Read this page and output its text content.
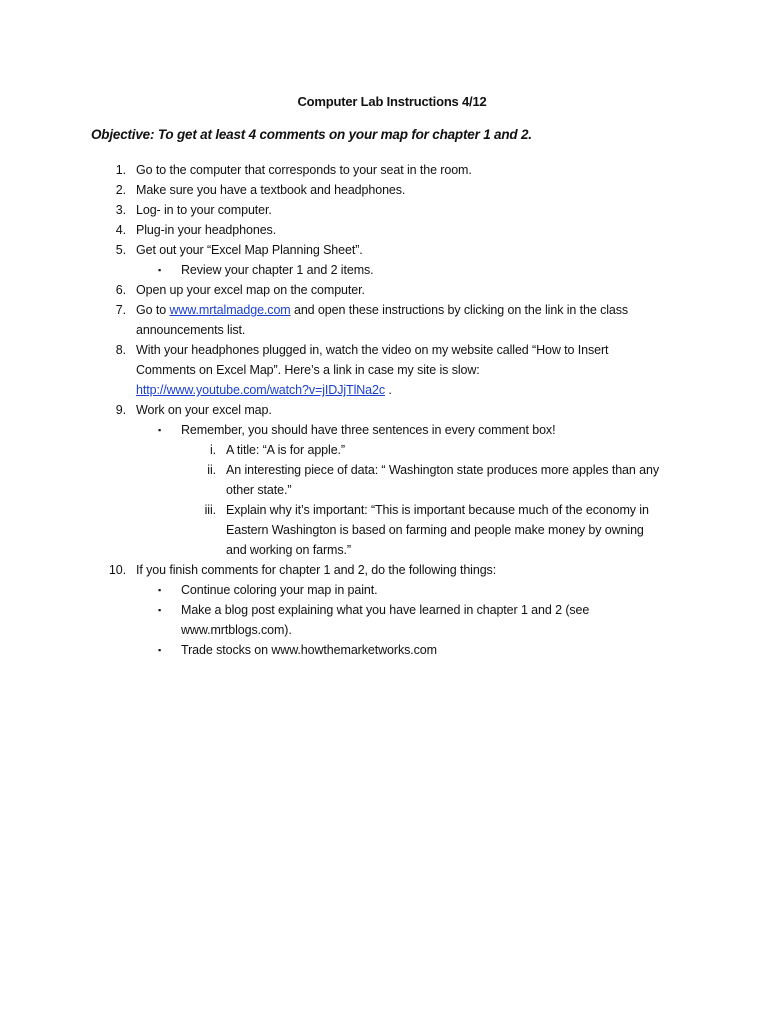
Computer Lab Instructions 4/12
Objective: To get at least 4 comments on your map for chapter 1 and 2.
1. Go to the computer that corresponds to your seat in the room.
2. Make sure you have a textbook and headphones.
3. Log- in to your computer.
4. Plug-in your headphones.
5. Get out your “Excel Map Planning Sheet”.
▪ Review your chapter 1 and 2 items.
6. Open up your excel map on the computer.
7. Go to www.mrtalmadge.com and open these instructions by clicking on the link in the class
announcements list.
8. With your headphones plugged in, watch the video on my website called “How to Insert
Comments on Excel Map”. Here’s a link in case my site is slow:
http://www.youtube.com/watch?v=jIDJjTlNa2c .
9. Work on your excel map.
▪ Remember, you should have three sentences in every comment box!
i. A title: “A is for apple.”
ii. An interesting piece of data: “ Washington state produces more apples than any
other state.”
iii. Explain why it’s important: “This is important because much of the economy in
Eastern Washington is based on farming and people make money by owning
and working on farms.”
10. If you finish comments for chapter 1 and 2, do the following things:
▪ Continue coloring your map in paint.
▪ Make a blog post explaining what you have learned in chapter 1 and 2 (see
www.mrtblogs.com).
▪ Trade stocks on www.howthemarketworks.com
